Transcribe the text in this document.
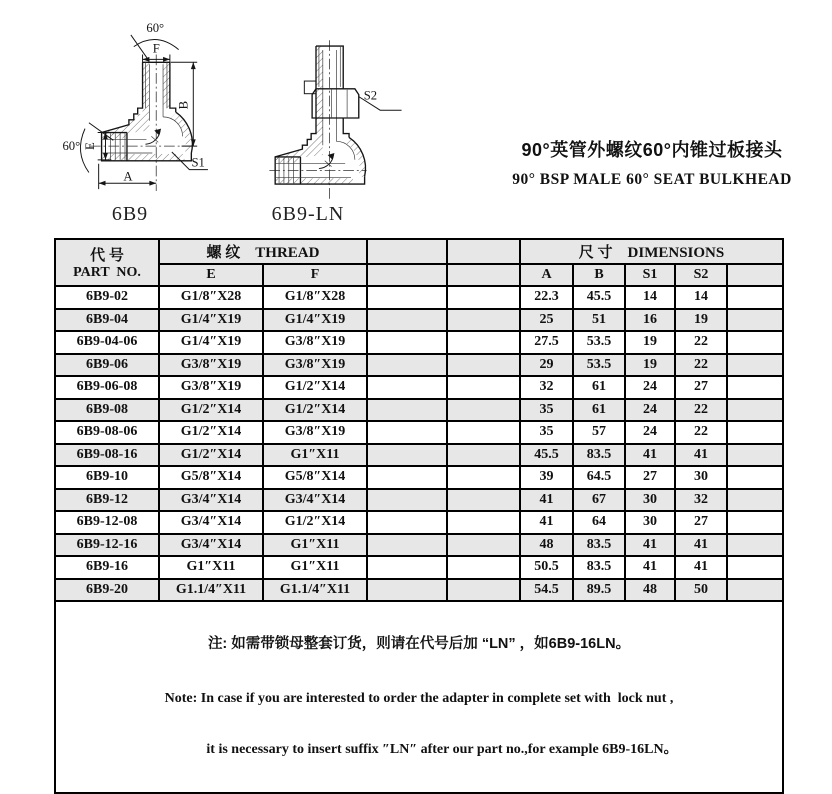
60°
F
B
60° E
A
S1
6B9
S2
6B9-LN
90°英管外螺纹60°内锥过板接头
90° BSP MALE 60° SEAT BULKHEAD
代 号
PART  NO.	螺 纹    THREAD				尺 寸    DIMENSIONS				
	E	F			A	B	S1	S2	
6B9-02	G1/8″X28	G1/8″X28			22.3	45.5	14	14	
6B9-04	G1/4″X19	G1/4″X19			25	51	16	19	
6B9-04-06	G1/4″X19	G3/8″X19			27.5	53.5	19	22	
6B9-06	G3/8″X19	G3/8″X19			29	53.5	19	22	
6B9-06-08	G3/8″X19	G1/2″X14			32	61	24	27	
6B9-08	G1/2″X14	G1/2″X14			35	61	24	22	
6B9-08-06	G1/2″X14	G3/8″X19			35	57	24	22	
6B9-08-16	G1/2″X14	G1″X11			45.5	83.5	41	41	
6B9-10	G5/8″X14	G5/8″X14			39	64.5	27	30	
6B9-12	G3/4″X14	G3/4″X14			41	67	30	32	
6B9-12-08	G3/4″X14	G1/2″X14			41	64	30	27	
6B9-12-16	G3/4″X14	G1″X11			48	83.5	41	41	
6B9-16	G1″X11	G1″X11			50.5	83.5	41	41	
6B9-20	G1.1/4″X11	G1.1/4″X11			54.5	89.5	48	50	

注: 如需带锁母整套订货，则请在代号后加 “LN” ，如6B9-16LN。

Note: In case if you are interested to order the adapter in complete set with  lock nut ,

it is necessary to insert suffix ″LN″ after our part no.,for example 6B9-16LN。									
